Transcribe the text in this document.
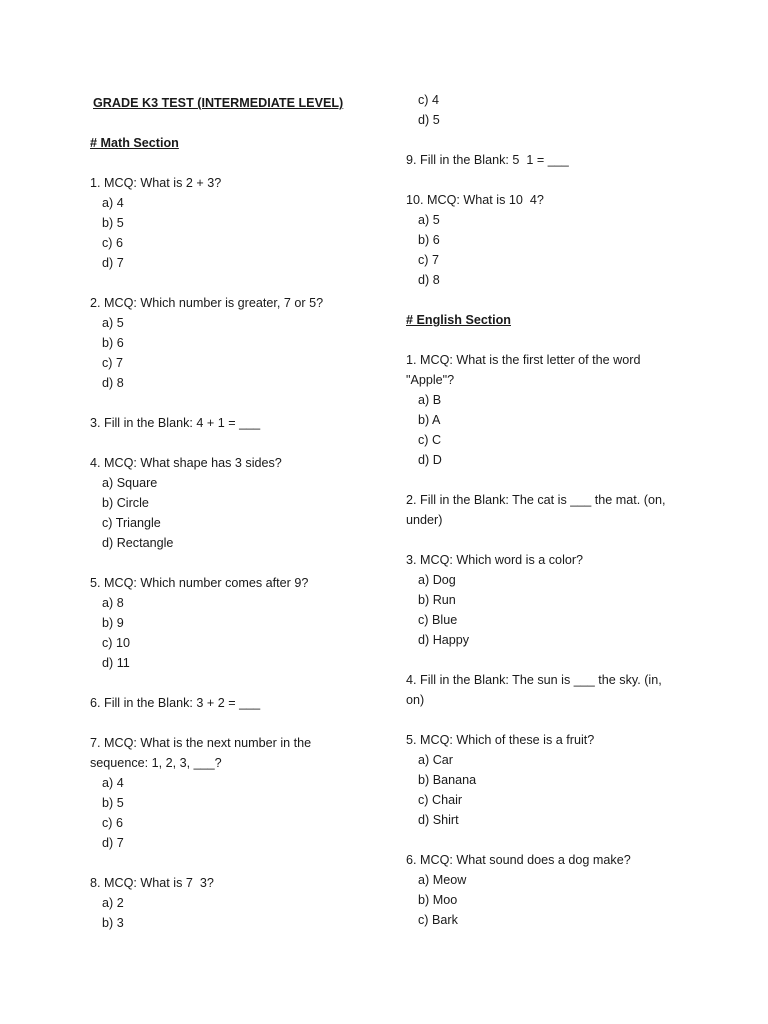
GRADE K3 TEST (INTERMEDIATE LEVEL)
# Math Section
1. MCQ: What is 2 + 3?
a) 4
b) 5
c) 6
d) 7
2. MCQ: Which number is greater, 7 or 5?
a) 5
b) 6
c) 7
d) 8
3. Fill in the Blank: 4 + 1 = ___
4. MCQ: What shape has 3 sides?
a) Square
b) Circle
c) Triangle
d) Rectangle
5. MCQ: Which number comes after 9?
a) 8
b) 9
c) 10
d) 11
6. Fill in the Blank: 3 + 2 = ___
7. MCQ: What is the next number in the
sequence: 1, 2, 3, ___?
a) 4
b) 5
c) 6
d) 7
8. MCQ: What is 7  3?
a) 2
b) 3
c) 4
d) 5
9. Fill in the Blank: 5  1 = ___
10. MCQ: What is 10  4?
a) 5
b) 6
c) 7
d) 8
# English Section
1. MCQ: What is the first letter of the word "Apple"?
a) B
b) A
c) C
d) D
2. Fill in the Blank: The cat is ___ the mat. (on, under)
3. MCQ: Which word is a color?
a) Dog
b) Run
c) Blue
d) Happy
4. Fill in the Blank: The sun is ___ the sky. (in, on)
5. MCQ: Which of these is a fruit?
a) Car
b) Banana
c) Chair
d) Shirt
6. MCQ: What sound does a dog make?
a) Meow
b) Moo
c) Bark
